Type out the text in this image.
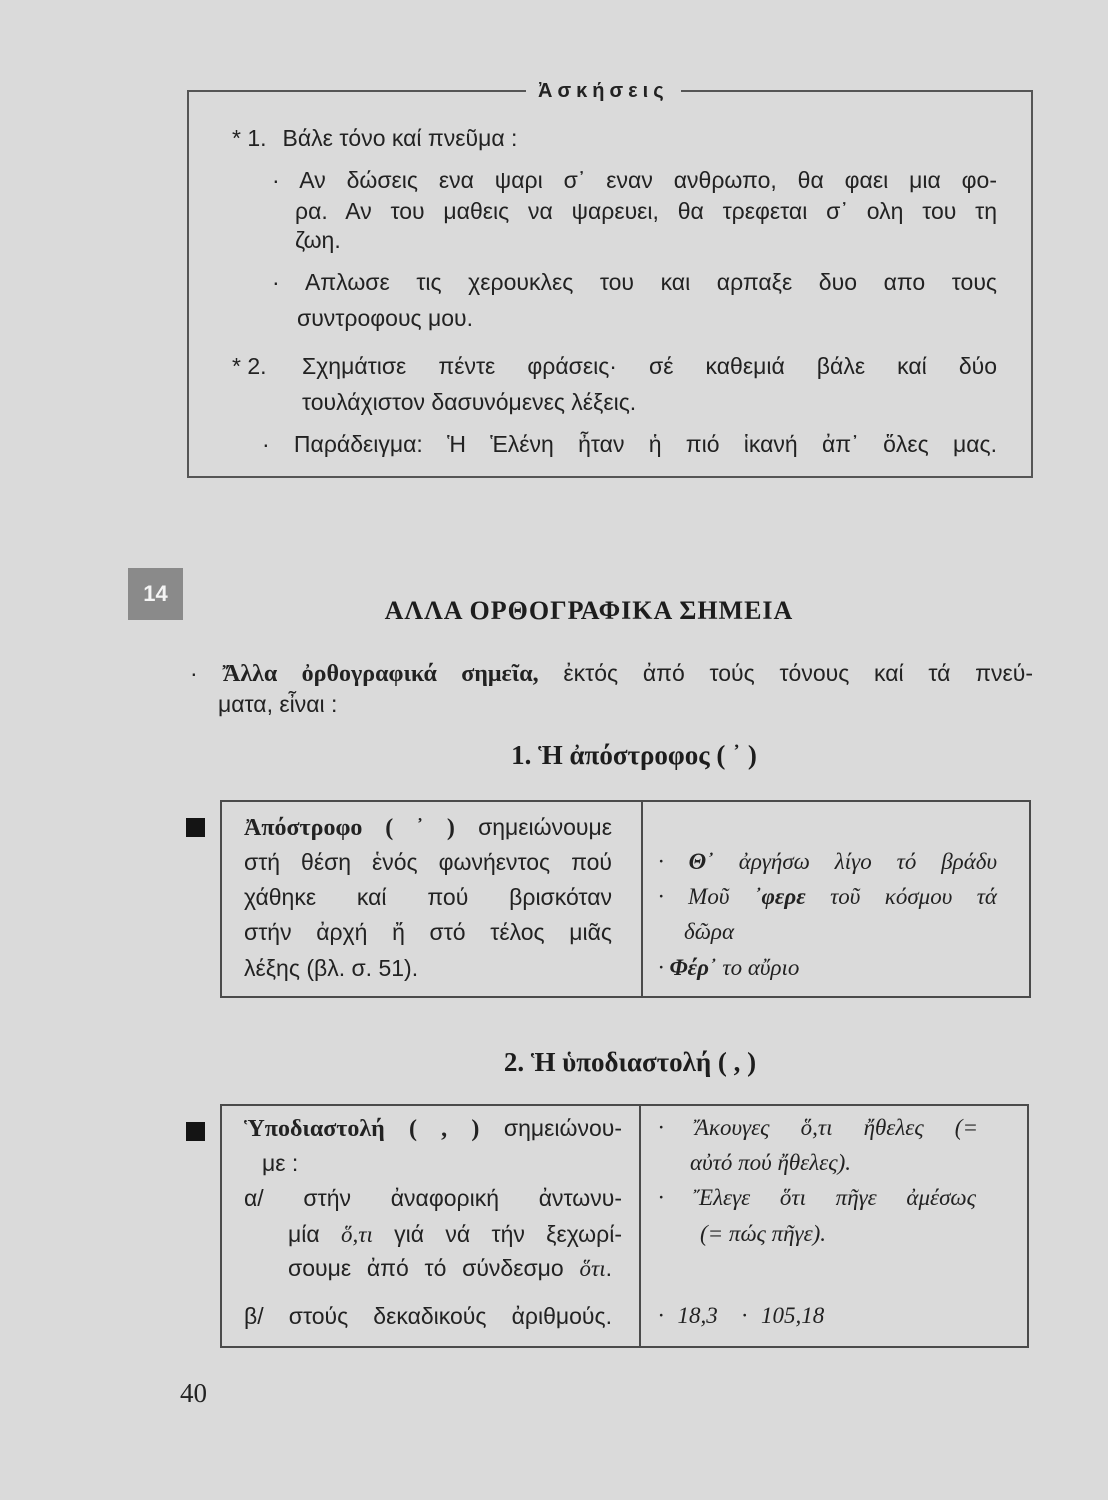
Ἀσκήσεις
* 1. Βάλε τόνο καί πνεῦμα :
· Αν δώσεις ενα ψαρι σ᾽ εναν ανθρωπο, θα φαει μια φο-
ρα. Αν του μαθεις να ψαρευει, θα τρεφεται σ᾽ ολη του τη
ζωη.
· Απλωσε τις χερουκλες του και αρπαξε δυο απο τους
συντροφους μου.
* 2. Σχημάτισε πέντε φράσεις· σέ καθεμιά βάλε καί δύο
τουλάχιστον δασυνόμενες λέξεις.
· Παράδειγμα: Ἡ Ἑλένη ἦταν ἡ πιό ἱκανή ἀπ᾽ ὅλες μας.
14
ΑΛΛΑ ΟΡΘΟΓΡΑΦΙΚΑ ΣΗΜΕΙΑ
· Ἄλλα ὀρθογραφικά σημεῖα, ἐκτός ἀπό τούς τόνους καί τά πνεύ-
ματα, εἶναι :
1. Ἡ ἀπόστροφος ( ᾽ )
Ἀπόστροφο ( ᾽ ) σημειώνουμε
στή θέση ἑνός φωνήεντος πού
χάθηκε καί πού βρισκόταν
στήν ἀρχή ἤ στό τέλος μιᾶς
λέξης (βλ. σ. 51).
· Θ᾽ ἀργήσω λίγο τό βράδυ
· Μοῦ ᾽φερε τοῦ κόσμου τά
δῶρα
· Φέρ᾽ το αὔριο
2. Ἡ ὑποδιαστολή ( , )
Ὑποδιαστολή ( , ) σημειώνου-
με :
α/ στήν ἀναφορική ἀντωνυ-
μία ὅ,τι γιά νά τήν ξεχωρί-
σουμε ἀπό τό σύνδεσμο ὅτι.
β/ στούς δεκαδικούς ἀριθμούς.
· Ἄκουγες ὅ,τι ἤθελες (=
αὐτό πού ἤθελες).
· Ἔλεγε ὅτι πῆγε ἀμέσως
(= πώς πῆγε).
· 18,3 · 105,18
40
